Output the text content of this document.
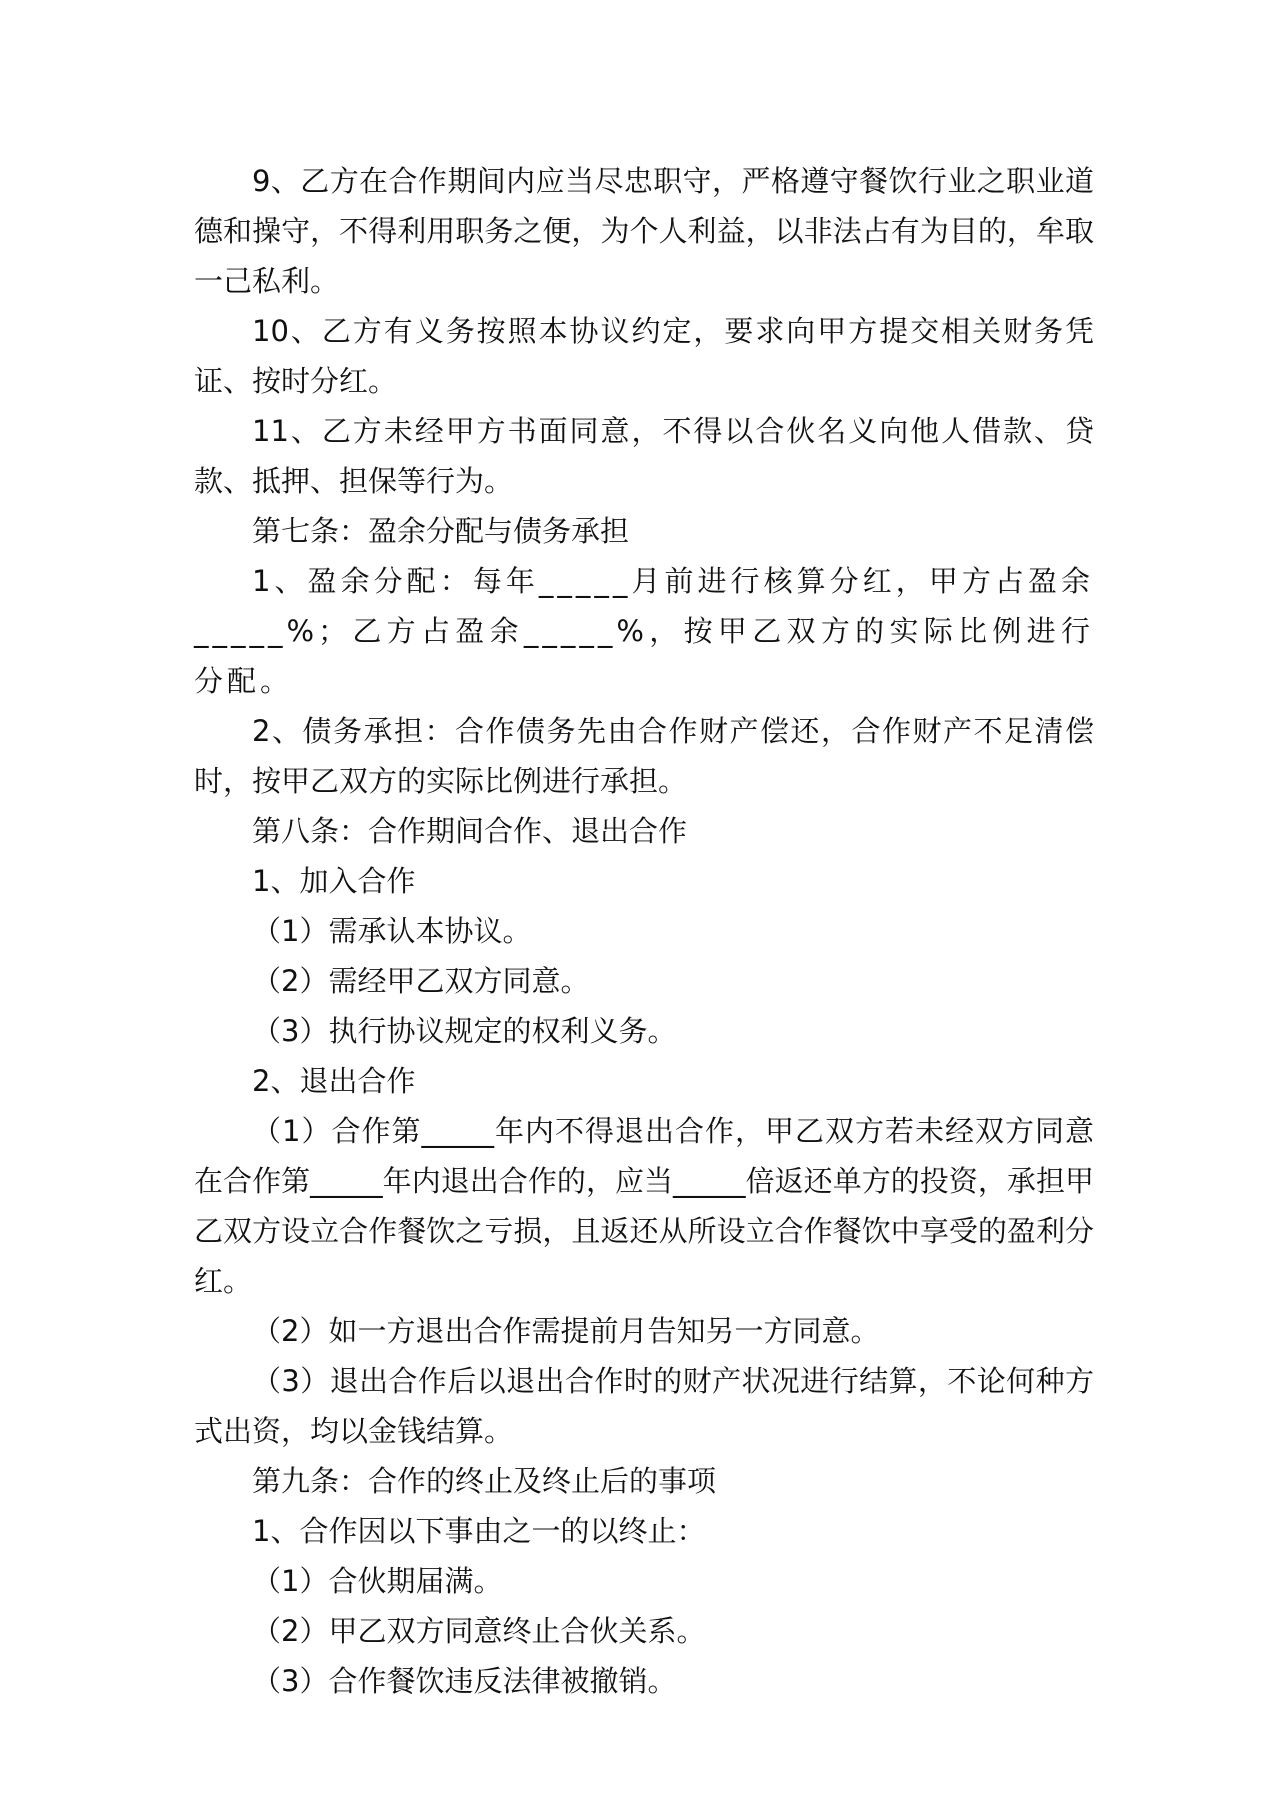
9、乙方在合作期间内应当尽忠职守，严格遵守餐饮行业之职业道德和操守，不得利用职务之便，为个人利益，以非法占有为目的，牟取一己私利。

10、乙方有义务按照本协议约定，要求向甲方提交相关财务凭证、按时分红。

11、乙方未经甲方书面同意，不得以合伙名义向他人借款、贷款、抵押、担保等行为。

第七条：盈余分配与债务承担

1、盈余分配：每年_____月前进行核算分红，甲方占盈余_____%；乙方占盈余_____%，按甲乙双方的实际比例进行分配。

2、债务承担：合作债务先由合作财产偿还，合作财产不足清偿时，按甲乙双方的实际比例进行承担。

第八条：合作期间合作、退出合作

1、加入合作

（1）需承认本协议。

（2）需经甲乙双方同意。

（3）执行协议规定的权利义务。

2、退出合作

（1）合作第_____年内不得退出合作，甲乙双方若未经双方同意在合作第_____年内退出合作的，应当_____倍返还单方的投资，承担甲乙双方设立合作餐饮之亏损，且返还从所设立合作餐饮中享受的盈利分红。

（2）如一方退出合作需提前月告知另一方同意。

（3）退出合作后以退出合作时的财产状况进行结算，不论何种方式出资，均以金钱结算。

第九条：合作的终止及终止后的事项

1、合作因以下事由之一的以终止：

（1）合伙期届满。

（2）甲乙双方同意终止合伙关系。

（3）合作餐饮违反法律被撤销。
